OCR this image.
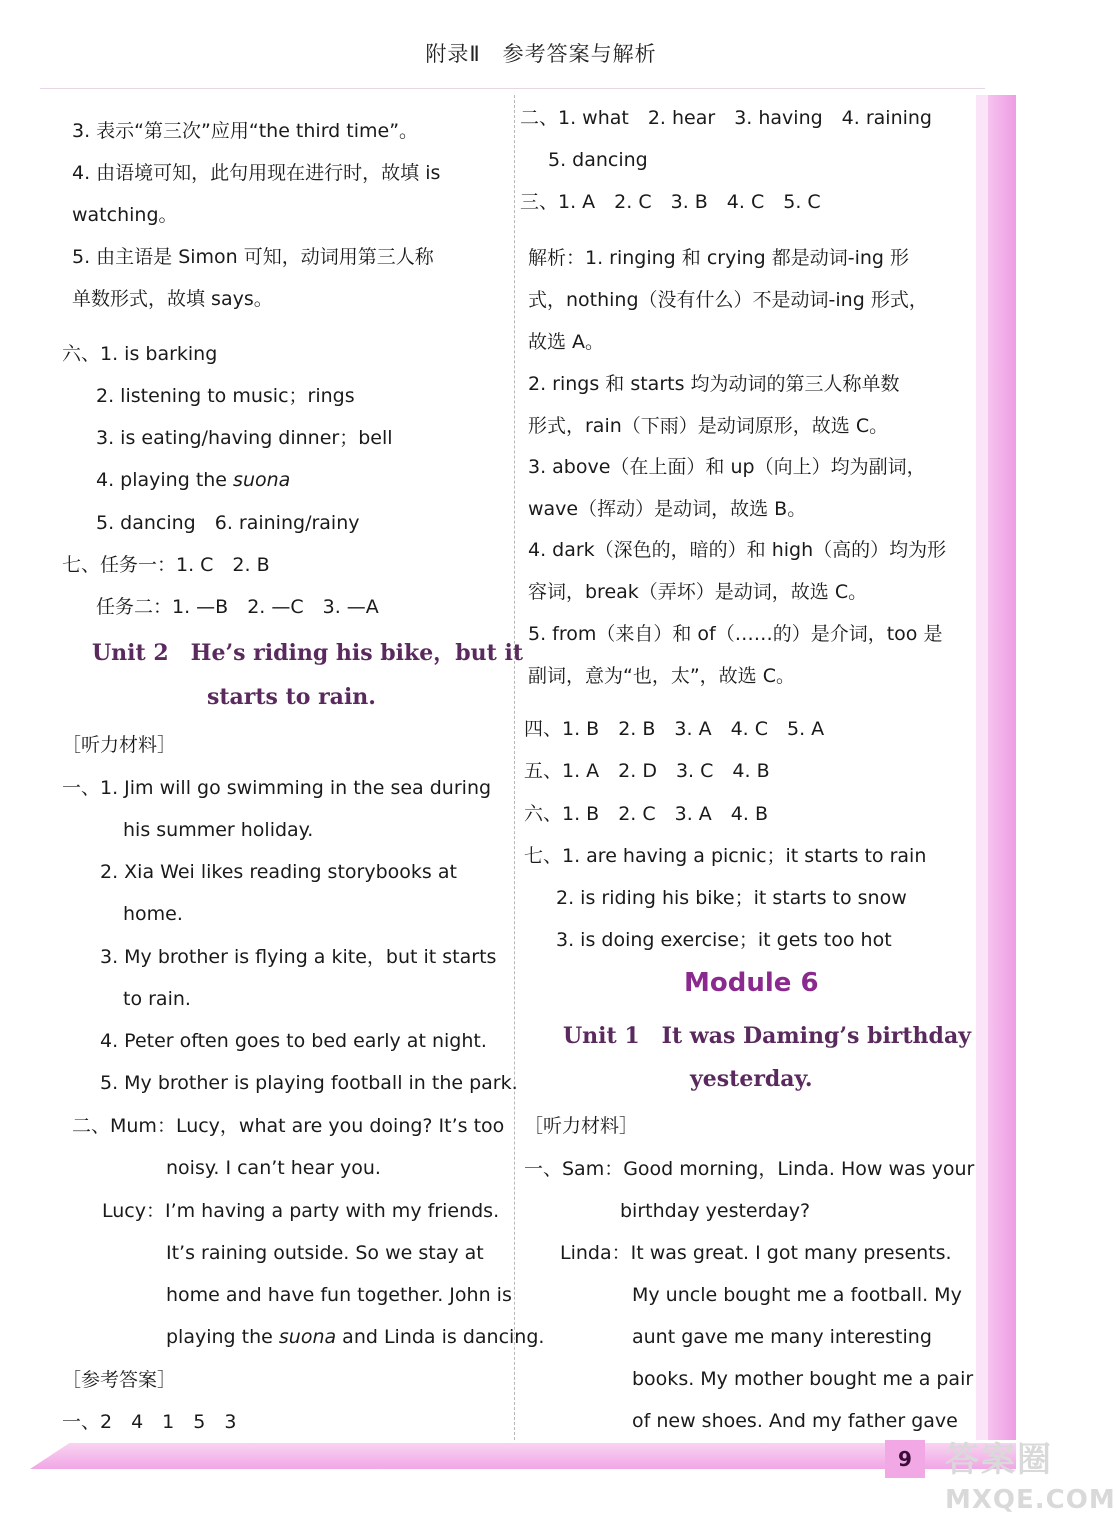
附录Ⅱ　参考答案与解析
3. 表示“第三次”应用“the third time”。
4. 由语境可知，此句用现在进行时，故填 is
watching。
5. 由主语是 Simon 可知，动词用第三人称
单数形式，故填 says。
六、1. is barking
2. listening to music；rings
3. is eating/having dinner；bell
4. playing the suona
5. dancing　6. raining/rainy
七、任务一：1. C　2. B
任务二：1. —B　2. —C　3. —A
Unit 2　He’s riding his bike，but it
starts to rain.
［听力材料］
一、1. Jim will go swimming in the sea during
his summer holiday.
2. Xia Wei likes reading storybooks at
home.
3. My brother is flying a kite，but it starts
to rain.
4. Peter often goes to bed early at night.
5. My brother is playing football in the park.
二、Mum：Lucy，what are you doing? It’s too
noisy. I can’t hear you.
Lucy：I’m having a party with my friends.
It’s raining outside. So we stay at
home and have fun together. John is
playing the suona and Linda is dancing.
［参考答案］
一、2　4　1　5　3
二、1. what　2. hear　3. having　4. raining
5. dancing
三、1. A　2. C　3. B　4. C　5. C
解析：1. ringing 和 crying 都是动词-ing 形
式，nothing（没有什么）不是动词-ing 形式，
故选 A。
2. rings 和 starts 均为动词的第三人称单数
形式，rain（下雨）是动词原形，故选 C。
3. above（在上面）和 up（向上）均为副词，
wave（挥动）是动词，故选 B。
4. dark（深色的，暗的）和 high（高的）均为形
容词，break（弄坏）是动词，故选 C。
5. from（来自）和 of（……的）是介词，too 是
副词，意为“也，太”，故选 C。
四、1. B　2. B　3. A　4. C　5. A
五、1. A　2. D　3. C　4. B
六、1. B　2. C　3. A　4. B
七、1. are having a picnic；it starts to rain
2. is riding his bike；it starts to snow
3. is doing exercise；it gets too hot
Module 6
Unit 1　It was Daming’s birthday
yesterday.
［听力材料］
一、Sam：Good morning，Linda. How was your
birthday yesterday?
Linda：It was great. I got many presents.
My uncle bought me a football. My
aunt gave me many interesting
books. My mother bought me a pair
of new shoes. And my father gave
9 答案圈
MXQE.COM
